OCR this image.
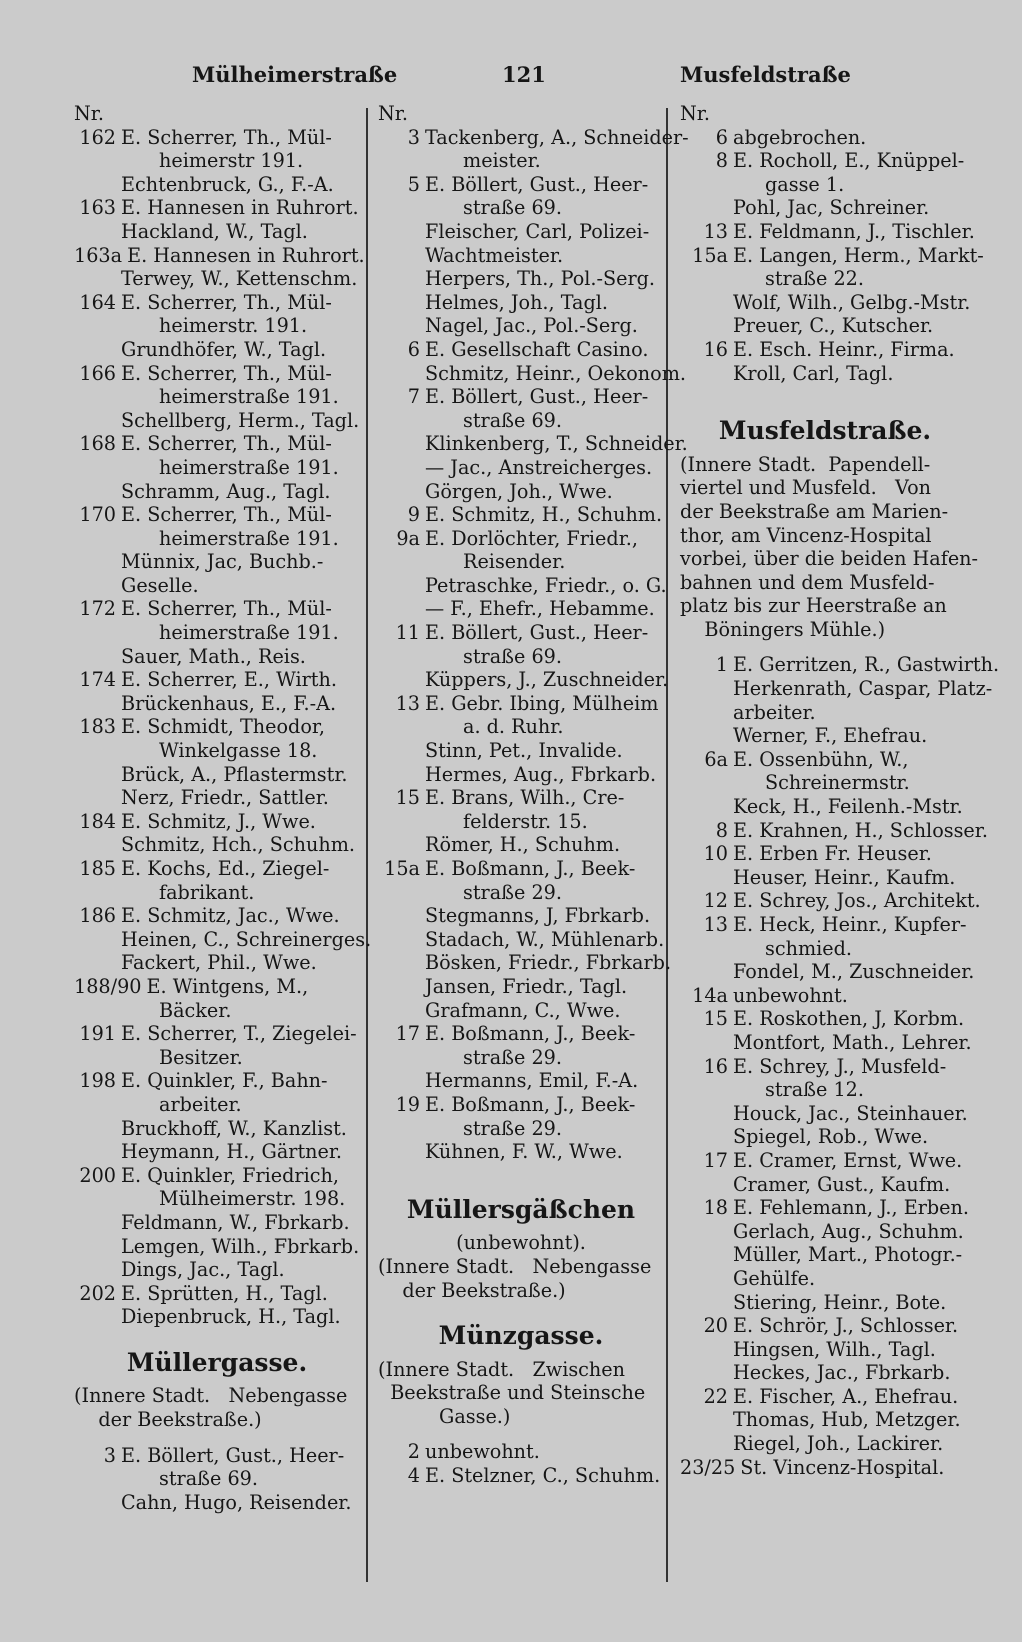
Mülheimerstraße	121	Musfeldstraße
Nr.
162 E. Scherrer, Th., Mül-
heimerstr 191.
Echtenbruck, G., F.-A.
163 E. Hannesen in Ruhrort.
Hackland, W., Tagl.
163a E. Hannesen in Ruhrort.
Terwey, W., Kettenschm.
164 E. Scherrer, Th., Mül-
heimerstr. 191.
Grundhöfer, W., Tagl.
166 E. Scherrer, Th., Mül-
heimerstraße 191.
Schellberg, Herm., Tagl.
168 E. Scherrer, Th., Mül-
heimerstraße 191.
Schramm, Aug., Tagl.
170 E. Scherrer, Th., Mül-
heimerstraße 191.
Münnix, Jac, Buchb.-
Geselle.
172 E. Scherrer, Th., Mül-
heimerstraße 191.
Sauer, Math., Reis.
174 E. Scherrer, E., Wirth.
Brückenhaus, E., F.-A.
183 E. Schmidt, Theodor,
Winkelgasse 18.
Brück, A., Pflastermstr.
Nerz, Friedr., Sattler.
184 E. Schmitz, J., Wwe.
Schmitz, Hch., Schuhm.
185 E. Kochs, Ed., Ziegel-
fabrikant.
186 E. Schmitz, Jac., Wwe.
Heinen, C., Schreinerges.
Fackert, Phil., Wwe.
188/90 E. Wintgens, M.,
Bäcker.
191 E. Scherrer, T., Ziegelei-
Besitzer.
198 E. Quinkler, F., Bahn-
arbeiter.
Bruckhoff, W., Kanzlist.
Heymann, H., Gärtner.
200 E. Quinkler, Friedrich,
Mülheimerstr. 198.
Feldmann, W., Fbrkarb.
Lemgen, Wilh., Fbrkarb.
Dings, Jac., Tagl.
202 E. Sprütten, H., Tagl.
Diepenbruck, H., Tagl.
Müllergasse.
(Innere Stadt.   Nebengasse
der Beekstraße.)
3 E. Böllert, Gust., Heer-
straße 69.
Cahn, Hugo, Reisender.
Nr.
3 Tackenberg, A., Schneider-
meister.
5 E. Böllert, Gust., Heer-
straße 69.
Fleischer, Carl, Polizei-
Wachtmeister.
Herpers, Th., Pol.-Serg.
Helmes, Joh., Tagl.
Nagel, Jac., Pol.-Serg.
6 E. Gesellschaft Casino.
Schmitz, Heinr., Oekonom.
7 E. Böllert, Gust., Heer-
straße 69.
Klinkenberg, T., Schneider.
— Jac., Anstreicherges.
Görgen, Joh., Wwe.
9 E. Schmitz, H., Schuhm.
9a E. Dorlöchter, Friedr.,
Reisender.
Petraschke, Friedr., o. G.
— F., Ehefr., Hebamme.
11 E. Böllert, Gust., Heer-
straße 69.
Küppers, J., Zuschneider.
13 E. Gebr. Ibing, Mülheim
a. d. Ruhr.
Stinn, Pet., Invalide.
Hermes, Aug., Fbrkarb.
15 E. Brans, Wilh., Cre-
felderstr. 15.
Römer, H., Schuhm.
15a E. Boßmann, J., Beek-
straße 29.
Stegmanns, J, Fbrkarb.
Stadach, W., Mühlenarb.
Bösken, Friedr., Fbrkarb.
Jansen, Friedr., Tagl.
Grafmann, C., Wwe.
17 E. Boßmann, J., Beek-
straße 29.
Hermanns, Emil, F.-A.
19 E. Boßmann, J., Beek-
straße 29.
Kühnen, F. W., Wwe.
Müllersgäßchen
(unbewohnt).
(Innere Stadt.   Nebengasse
der Beekstraße.)
Münzgasse.
(Innere Stadt.   Zwischen
Beekstraße und Steinsche
Gasse.)
2 unbewohnt.
4 E. Stelzner, C., Schuhm.
Nr.
6 abgebrochen.
8 E. Rocholl, E., Knüppel-
gasse 1.
Pohl, Jac, Schreiner.
13 E. Feldmann, J., Tischler.
15a E. Langen, Herm., Markt-
straße 22.
Wolf, Wilh., Gelbg.-Mstr.
Preuer, C., Kutscher.
16 E. Esch. Heinr., Firma.
Kroll, Carl, Tagl.
Musfeldstraße.
(Innere Stadt.  Papendell-
viertel und Musfeld.   Von
der Beekstraße am Marien-
thor, am Vincenz-Hospital
vorbei, über die beiden Hafen-
bahnen und dem Musfeld-
platz bis zur Heerstraße an
Böningers Mühle.)
1 E. Gerritzen, R., Gastwirth.
Herkenrath, Caspar, Platz-
arbeiter.
Werner, F., Ehefrau.
6a E. Ossenbühn, W.,
Schreinermstr.
Keck, H., Feilenh.-Mstr.
8 E. Krahnen, H., Schlosser.
10 E. Erben Fr. Heuser.
Heuser, Heinr., Kaufm.
12 E. Schrey, Jos., Architekt.
13 E. Heck, Heinr., Kupfer-
schmied.
Fondel, M., Zuschneider.
14a unbewohnt.
15 E. Roskothen, J, Korbm.
Montfort, Math., Lehrer.
16 E. Schrey, J., Musfeld-
straße 12.
Houck, Jac., Steinhauer.
Spiegel, Rob., Wwe.
17 E. Cramer, Ernst, Wwe.
Cramer, Gust., Kaufm.
18 E. Fehlemann, J., Erben.
Gerlach, Aug., Schuhm.
Müller, Mart., Photogr.-
Gehülfe.
Stiering, Heinr., Bote.
20 E. Schrör, J., Schlosser.
Hingsen, Wilh., Tagl.
Heckes, Jac., Fbrkarb.
22 E. Fischer, A., Ehefrau.
Thomas, Hub, Metzger.
Riegel, Joh., Lackirer.
23/25 St. Vincenz-Hospital.
